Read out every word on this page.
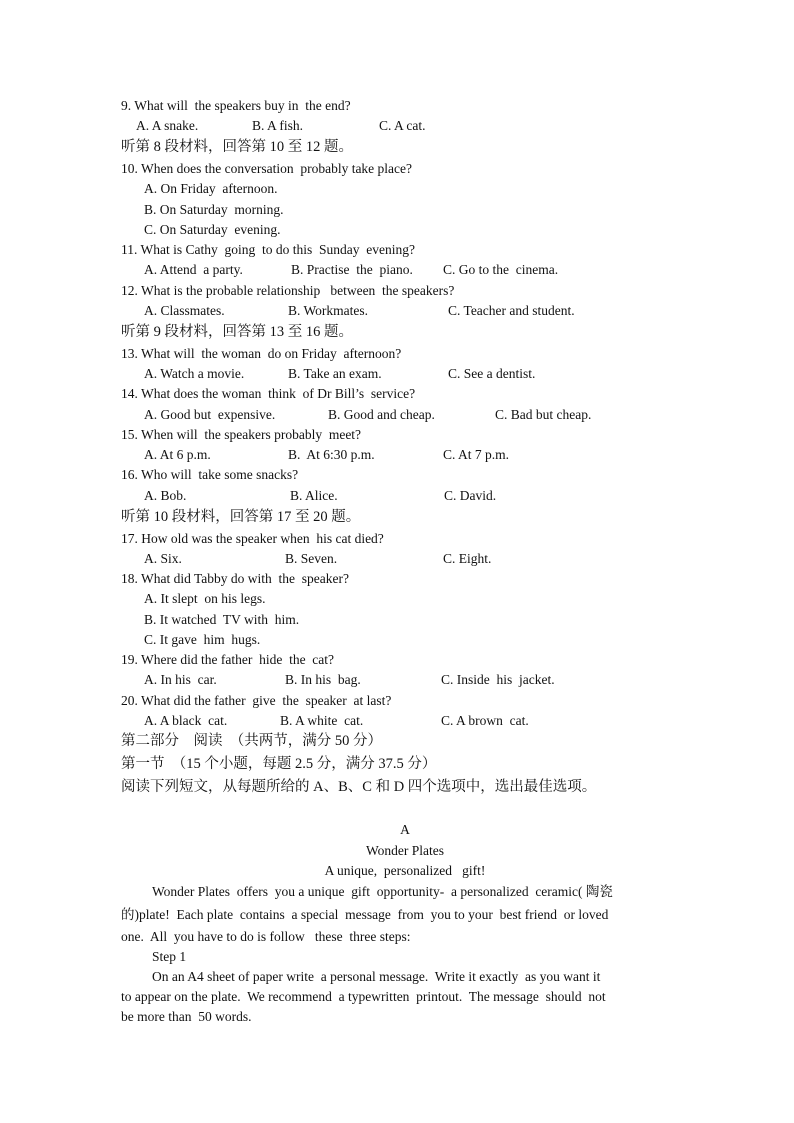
9. What will  the speakers buy in  the end?
A. A snake.	B. A fish.	C. A cat.
听第 8 段材料，回答第 10 至 12 题。
10. When does the conversation  probably take place?
A. On Friday  afternoon.
B. On Saturday  morning.
C. On Saturday  evening.
11. What is Cathy  going  to do this  Sunday  evening?
A. Attend  a party.	B. Practise  the  piano. C. Go to the  cinema.
12. What is the probable relationship   between  the speakers?
A. Classmates.	B. Workmates.	C. Teacher and student.
听第 9 段材料，回答第 13 至 16 题。
13. What will  the woman  do on Friday  afternoon?
A. Watch a movie.	B. Take an exam.	C. See a dentist.
14. What does the woman  think  of Dr Bill’s  service?
A. Good but  expensive.	B. Good and cheap.	C. Bad but cheap.
15. When will  the speakers probably  meet?
A. At 6 p.m.	B.  At 6:30 p.m.	C. At 7 p.m.
16. Who will  take some snacks?
A. Bob.	B. Alice.	C. David.
听第 10 段材料，回答第 17 至 20 题。
17. How old was the speaker when  his cat died?
A. Six.	B. Seven.	C. Eight.
18. What did Tabby do with  the  speaker?
A. It slept  on his legs.
B. It watched  TV with  him.
C. It gave  him  hugs.
19. Where did the father  hide  the  cat?
A. In his  car.	B. In his  bag.	C. Inside  his  jacket.
20. What did the father  give  the  speaker  at last?
A. A black  cat.	B. A white  cat.	C. A brown  cat.
第二部分    阅读  （共两节，满分 50 分）
第一节  （15 个小题，每题 2.5 分，满分 37.5 分）
阅读下列短文，从每题所给的 A、B、C 和 D 四个选项中，选出最佳选项。
A
Wonder Plates
A unique,  personalized   gift!
Wonder Plates  offers  you a unique  gift  opportunity-  a personalized  ceramic( 陶瓷
的)plate!  Each plate  contains  a special  message  from  you to your  best friend  or loved
one.  All  you have to do is follow   these  three steps:
Step 1
On an A4 sheet of paper write  a personal message.  Write it exactly  as you want it
to appear on the plate.  We recommend  a typewritten  printout.  The message  should  not
be more than  50 words.
